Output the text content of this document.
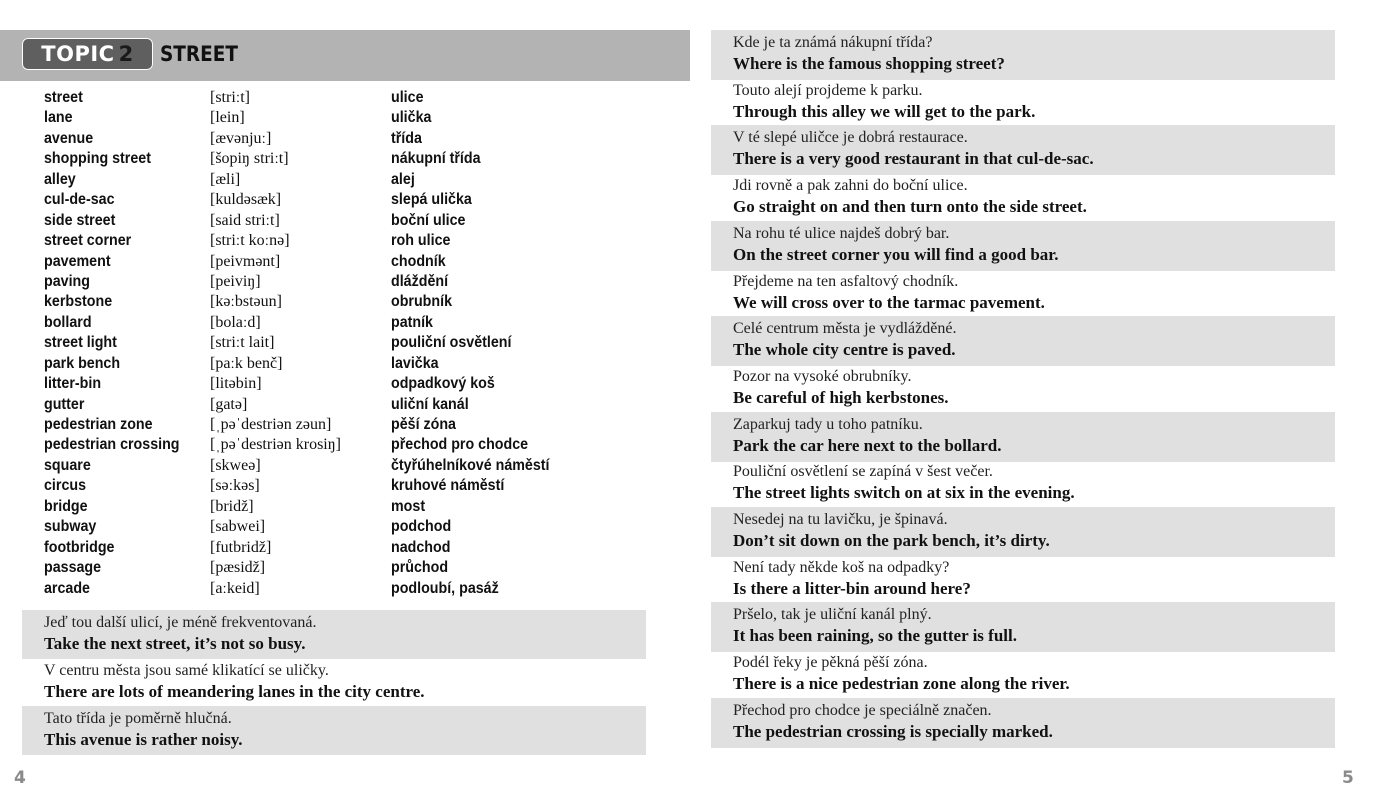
TOPIC 2	STREET
street	[striːt]	ulice
lane	[lein]	ulička
avenue	[ævənjuː]	třída
shopping street	[šopiŋ striːt]	nákupní třída
alley	[æli]	alej
cul-de-sac	[kuldəsæk]	slepá ulička
side street	[said striːt]	boční ulice
street corner	[striːt koːnə]	roh ulice
pavement	[peivmənt]	chodník
paving	[peiviŋ]	dláždění
kerbstone	[kəːbstəun]	obrubník
bollard	[bolaːd]	patník
street light	[striːt lait]	pouliční osvětlení
park bench	[paːk benč]	lavička
litter-bin	[litəbin]	odpadkový koš
gutter	[gatə]	uliční kanál
pedestrian zone	[ˌpəˈdestriən zəun]	pěší zóna
pedestrian crossing [ˌpəˈdestriən krosiŋ]	přechod pro chodce
square	[skweə]	čtyřúhelníkové náměstí
circus	[səːkəs]	kruhové náměstí
bridge	[bridž]	most
subway	[sabwei]	podchod
footbridge	[futbridž]	nadchod
passage	[pæsidž]	průchod
arcade	[aːkeid]	podloubí, pasáž
Jeď tou další ulicí, je méně frekventovaná.
Take the next street, it’s not so busy.
V centru města jsou samé klikatící se uličky.
There are lots of meandering lanes in the city centre.
Tato třída je poměrně hlučná.
This avenue is rather noisy.
4
Kde je ta známá nákupní třída?
Where is the famous shopping street?
Touto alejí projdeme k parku.
Through this alley we will get to the park.
V té slepé uličce je dobrá restaurace.
There is a very good restaurant in that cul-de-sac.
Jdi rovně a pak zahni do boční ulice.
Go straight on and then turn onto the side street.
Na rohu té ulice najdeš dobrý bar.
On the street corner you will find a good bar.
Přejdeme na ten asfaltový chodník.
We will cross over to the tarmac pavement.
Celé centrum města je vydlážděné.
The whole city centre is paved.
Pozor na vysoké obrubníky.
Be careful of high kerbstones.
Zaparkuj tady u toho patníku.
Park the car here next to the bollard.
Pouliční osvětlení se zapíná v šest večer.
The street lights switch on at six in the evening.
Nesedej na tu lavičku, je špinavá.
Don’t sit down on the park bench, it’s dirty.
Není tady někde koš na odpadky?
Is there a litter-bin around here?
Pršelo, tak je uliční kanál plný.
It has been raining, so the gutter is full.
Podél řeky je pěkná pěší zóna.
There is a nice pedestrian zone along the river.
Přechod pro chodce je speciálně značen.
The pedestrian crossing is specially marked.
5
